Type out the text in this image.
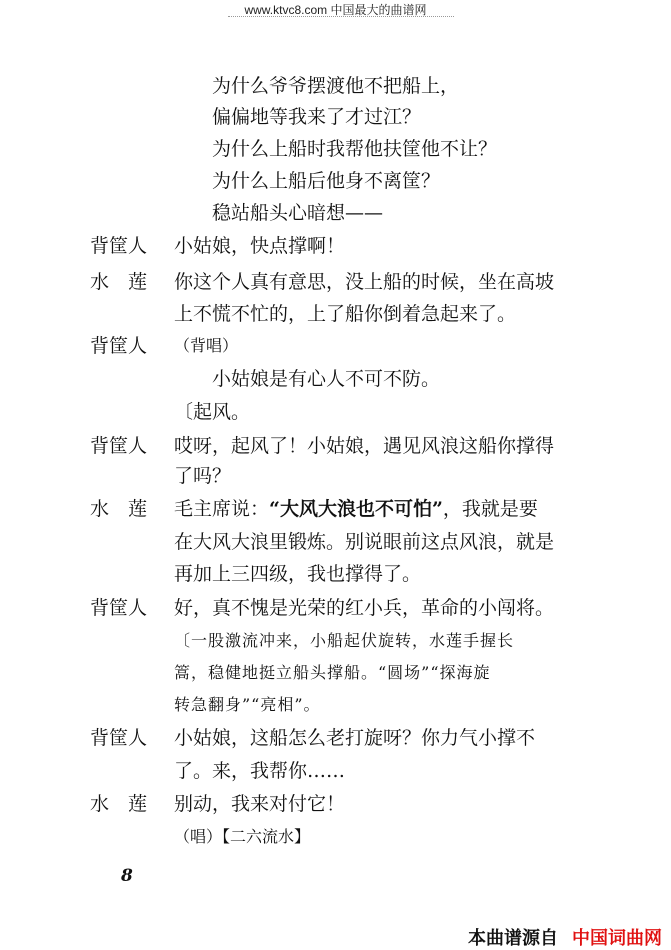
www.ktvc8.com 中国最大的曲谱网
为什么爷爷摆渡他不把船上，
偏偏地等我来了才过江？
为什么上船时我帮他扶筐他不让？
为什么上船后他身不离筐？
稳站船头心暗想——
背筐人 小姑娘，快点撑啊！
水　莲 你这个人真有意思，没上船的时候，坐在高坡
上不慌不忙的，上了船你倒着急起来了。
背筐人 （背唱）
小姑娘是有心人不可不防。
〔起风。
背筐人 哎呀，起风了！小姑娘，遇见风浪这船你撑得
了吗？
水　莲 毛主席说：“大风大浪也不可怕”，我就是要
在大风大浪里锻炼。别说眼前这点风浪，就是
再加上三四级，我也撑得了。
背筐人 好，真不愧是光荣的红小兵，革命的小闯将。
〔一股激流冲来，小船起伏旋转，水莲手握长
篙，稳健地挺立船头撑船。“圆场”“探海旋
转急翻身”“亮相”。
背筐人 小姑娘，这船怎么老打旋呀？你力气小撑不
了。来，我帮你……
水　莲 别动，我来对付它！
（唱）【二六流水】
8
本曲谱源自 中国词曲网
